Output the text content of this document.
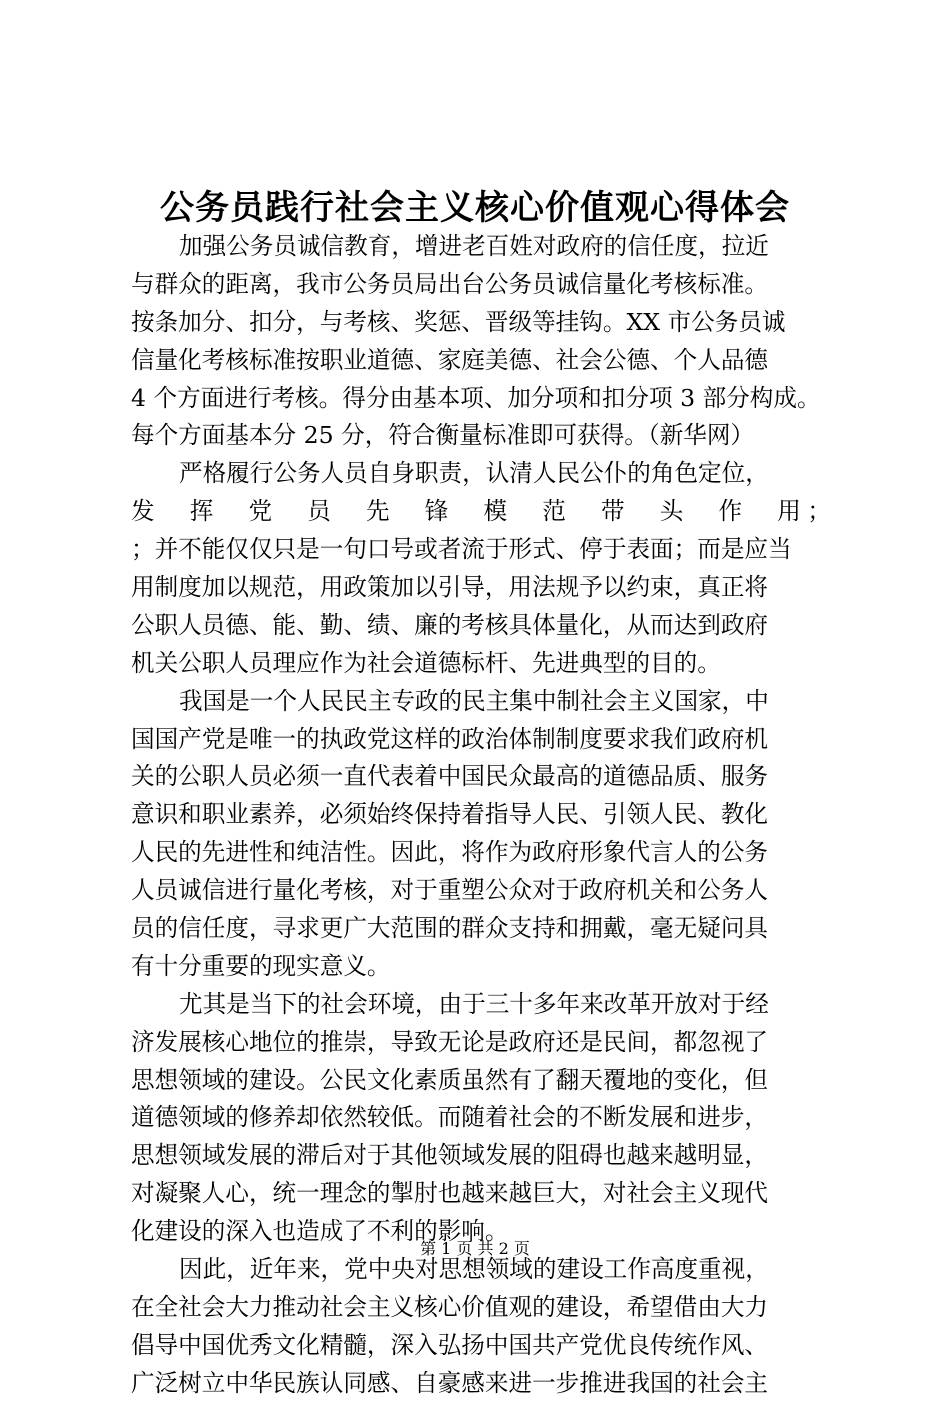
公务员践行社会主义核心价值观心得体会
加强公务员诚信教育，增进老百姓对政府的信任度，拉近
与群众的距离，我市公务员局出台公务员诚信量化考核标准。
按条加分、扣分，与考核、奖惩、晋级等挂钩。XX 市公务员诚
信量化考核标准按职业道德、家庭美德、社会公德、个人品德
4 个方面进行考核。得分由基本项、加分项和扣分项 3 部分构成。
每个方面基本分 25 分，符合衡量标准即可获得。（新华网）
严格履行公务人员自身职责，认清人民公仆的角色定位，
发 挥 党 员 先 锋 模 范 带 头 作 用 ；
；并不能仅仅只是一句口号或者流于形式、停于表面；而是应当
用制度加以规范，用政策加以引导，用法规予以约束，真正将
公职人员德、能、勤、绩、廉的考核具体量化，从而达到政府
机关公职人员理应作为社会道德标杆、先进典型的目的。
我国是一个人民民主专政的民主集中制社会主义国家，中
国国产党是唯一的执政党这样的政治体制制度要求我们政府机
关的公职人员必须一直代表着中国民众最高的道德品质、服务
意识和职业素养，必须始终保持着指导人民、引领人民、教化
人民的先进性和纯洁性。因此，将作为政府形象代言人的公务
人员诚信进行量化考核，对于重塑公众对于政府机关和公务人
员的信任度，寻求更广大范围的群众支持和拥戴，毫无疑问具
有十分重要的现实意义。
尤其是当下的社会环境，由于三十多年来改革开放对于经
济发展核心地位的推崇，导致无论是政府还是民间，都忽视了
思想领域的建设。公民文化素质虽然有了翻天覆地的变化，但
道德领域的修养却依然较低。而随着社会的不断发展和进步，
思想领域发展的滞后对于其他领域发展的阻碍也越来越明显，
对凝聚人心，统一理念的掣肘也越来越巨大，对社会主义现代
化建设的深入也造成了不利的影响。
因此，近年来，党中央对思想领域的建设工作高度重视，
在全社会大力推动社会主义核心价值观的建设，希望借由大力
倡导中国优秀文化精髓，深入弘扬中国共产党优良传统作风、
广泛树立中华民族认同感、自豪感来进一步推进我国的社会主
第 1 页 共 2 页
